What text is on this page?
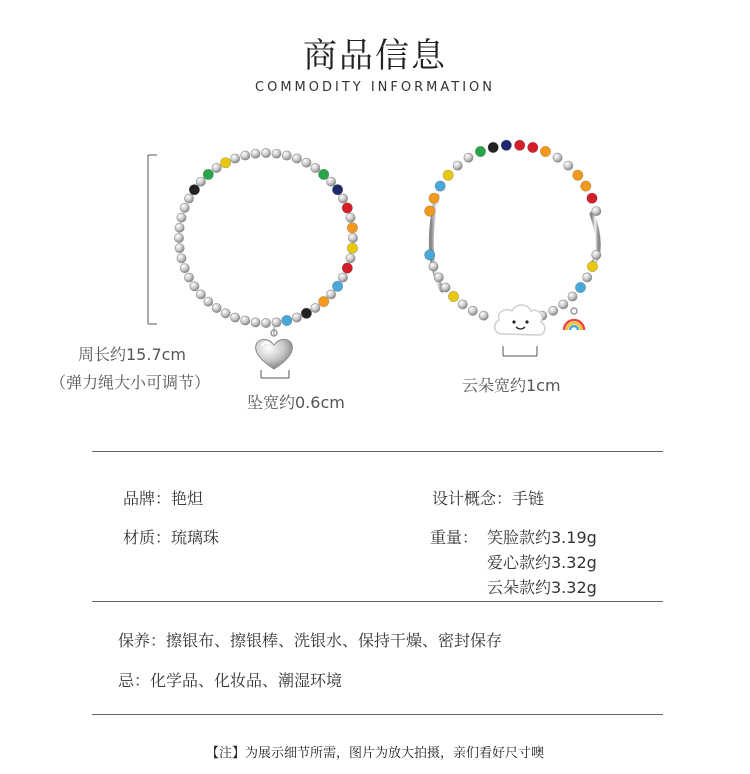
商品信息
COMMODITY INFORMATION
周长约15.7cm
（弹力绳大小可调节）
坠宽约0.6cm
云朵宽约1cm
品牌：艳炟	设计概念：手链
材质：琉璃珠	重量： 笑脸款约3.19g
爱心款约3.32g
云朵款约3.32g
保养：擦银布、擦银棒、洗银水、保持干燥、密封保存
忌：化学品、化妆品、潮湿环境
【注】为展示细节所需，图片为放大拍摄，亲们看好尺寸噢
